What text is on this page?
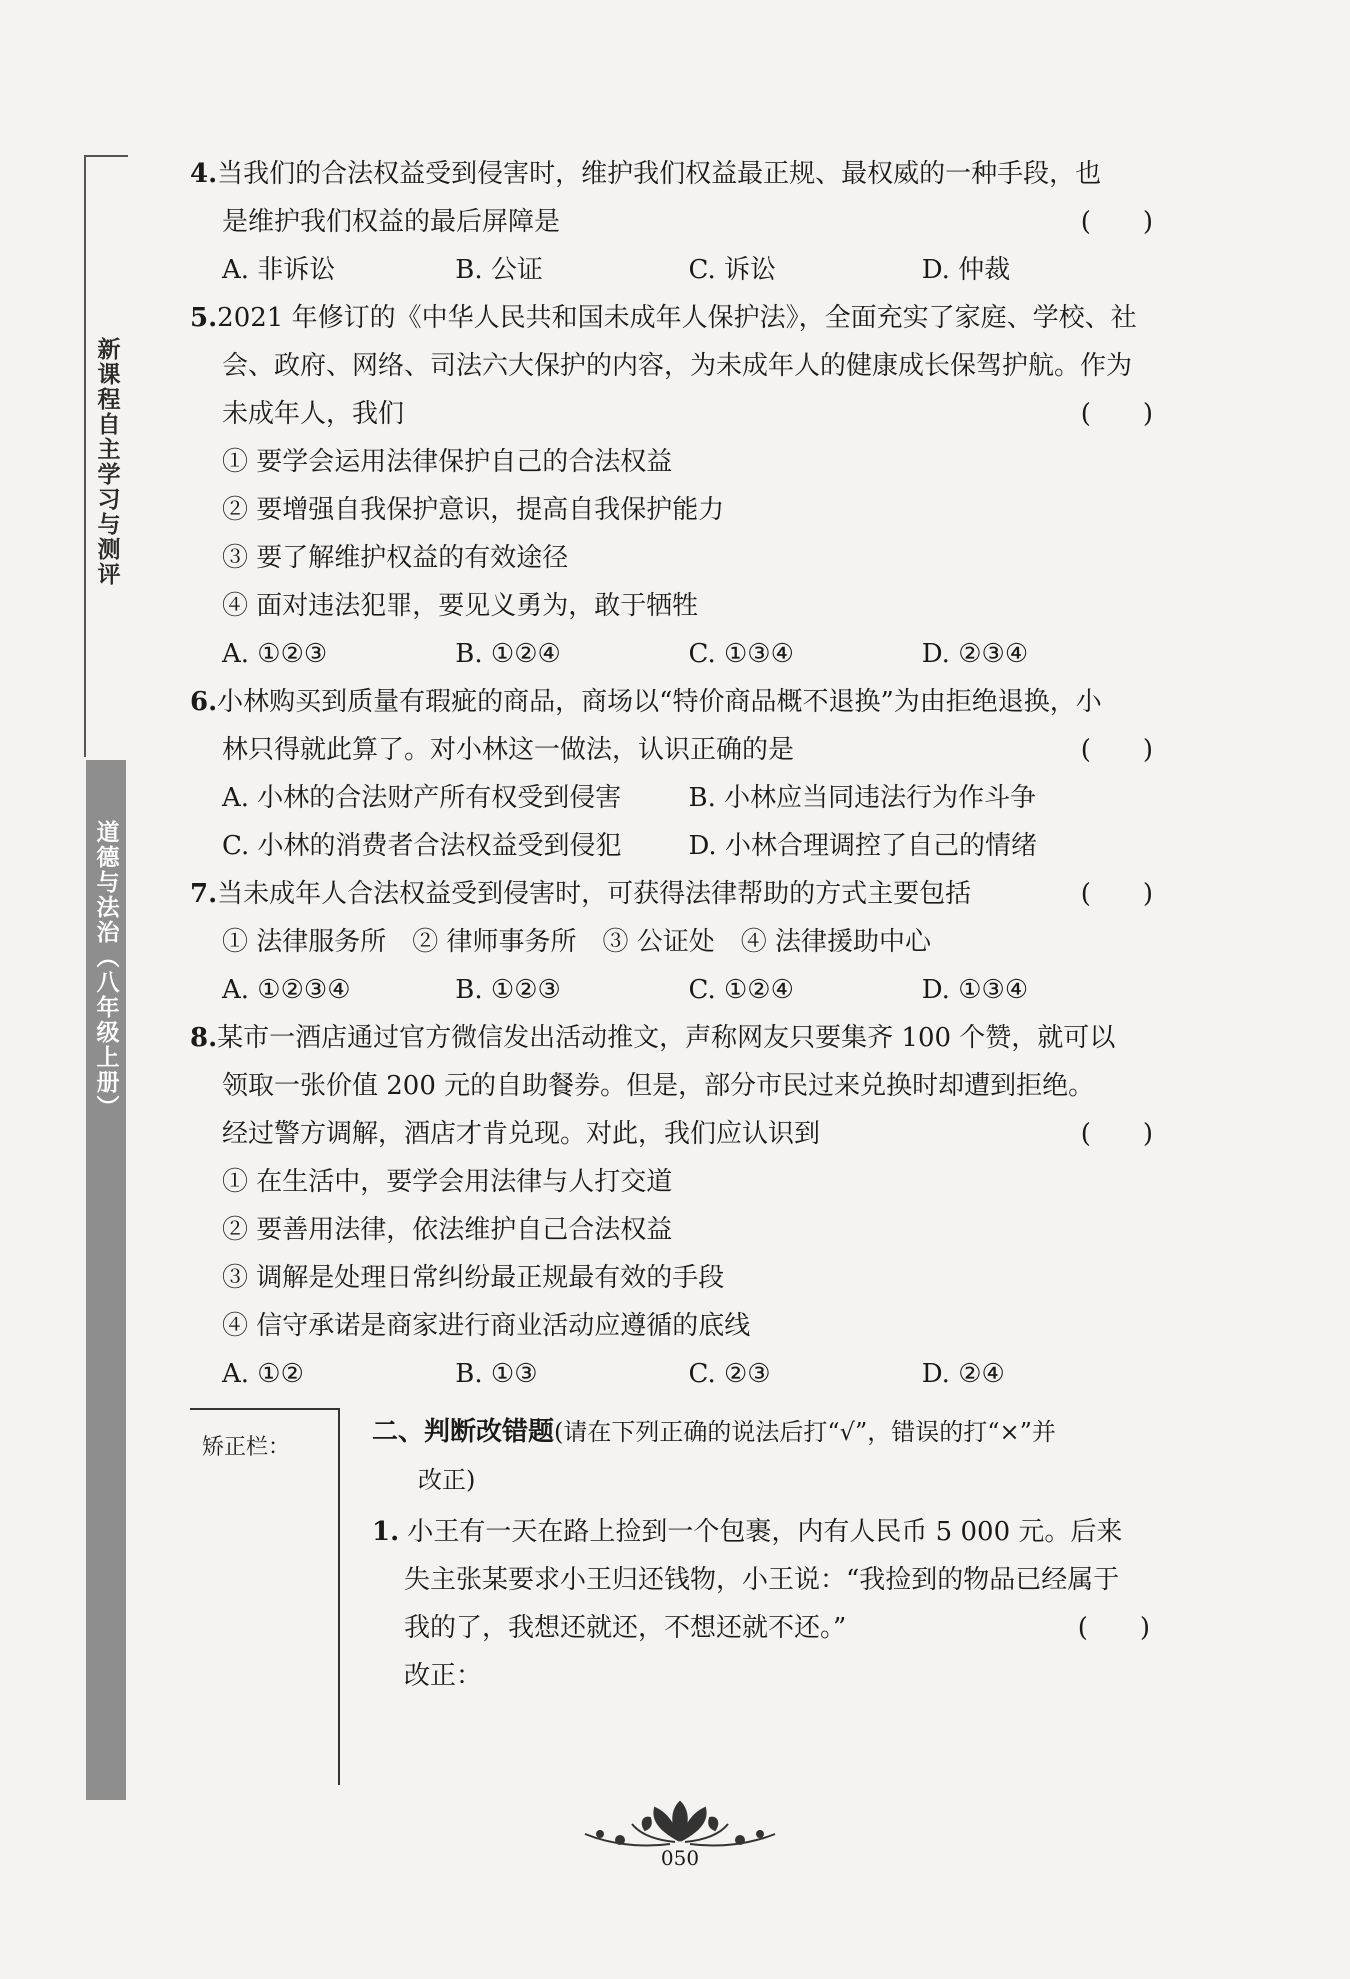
新课程自主学习与测评
道德与法治（八年级上册）
4.当我们的合法权益受到侵害时，维护我们权益最正规、最权威的一种手段，也
是维护我们权益的最后屏障是	(　　)
A. 非诉讼	B. 公证	C. 诉讼	D. 仲裁
5.2021 年修订的《中华人民共和国未成年人保护法》，全面充实了家庭、学校、社
会、政府、网络、司法六大保护的内容，为未成年人的健康成长保驾护航。作为
未成年人，我们	(　　)
① 要学会运用法律保护自己的合法权益
② 要增强自我保护意识，提高自我保护能力
③ 要了解维护权益的有效途径
④ 面对违法犯罪，要见义勇为，敢于牺牲
A. ①②③	B. ①②④	C. ①③④	D. ②③④
6.小林购买到质量有瑕疵的商品，商场以“特价商品概不退换”为由拒绝退换，小
林只得就此算了。对小林这一做法，认识正确的是	(　　)
A. 小林的合法财产所有权受到侵害	B. 小林应当同违法行为作斗争
C. 小林的消费者合法权益受到侵犯	D. 小林合理调控了自己的情绪
7.当未成年人合法权益受到侵害时，可获得法律帮助的方式主要包括	(　　)
① 法律服务所　② 律师事务所　③ 公证处　④ 法律援助中心
A. ①②③④	B. ①②③	C. ①②④	D. ①③④
8.某市一酒店通过官方微信发出活动推文，声称网友只要集齐 100 个赞，就可以
领取一张价值 200 元的自助餐券。但是，部分市民过来兑换时却遭到拒绝。
经过警方调解，酒店才肯兑现。对此，我们应认识到	(　　)
① 在生活中，要学会用法律与人打交道
② 要善用法律，依法维护自己合法权益
③ 调解是处理日常纠纷最正规最有效的手段
④ 信守承诺是商家进行商业活动应遵循的底线
A. ①②	B. ①③	C. ②③	D. ②④
矫正栏：
二、判断改错题(请在下列正确的说法后打“√”，错误的打“×”并
改正)
1. 小王有一天在路上捡到一个包裹，内有人民币 5 000 元。后来
失主张某要求小王归还钱物，小王说：“我捡到的物品已经属于
我的了，我想还就还，不想还就不还。”	(　　)
改正：
050
